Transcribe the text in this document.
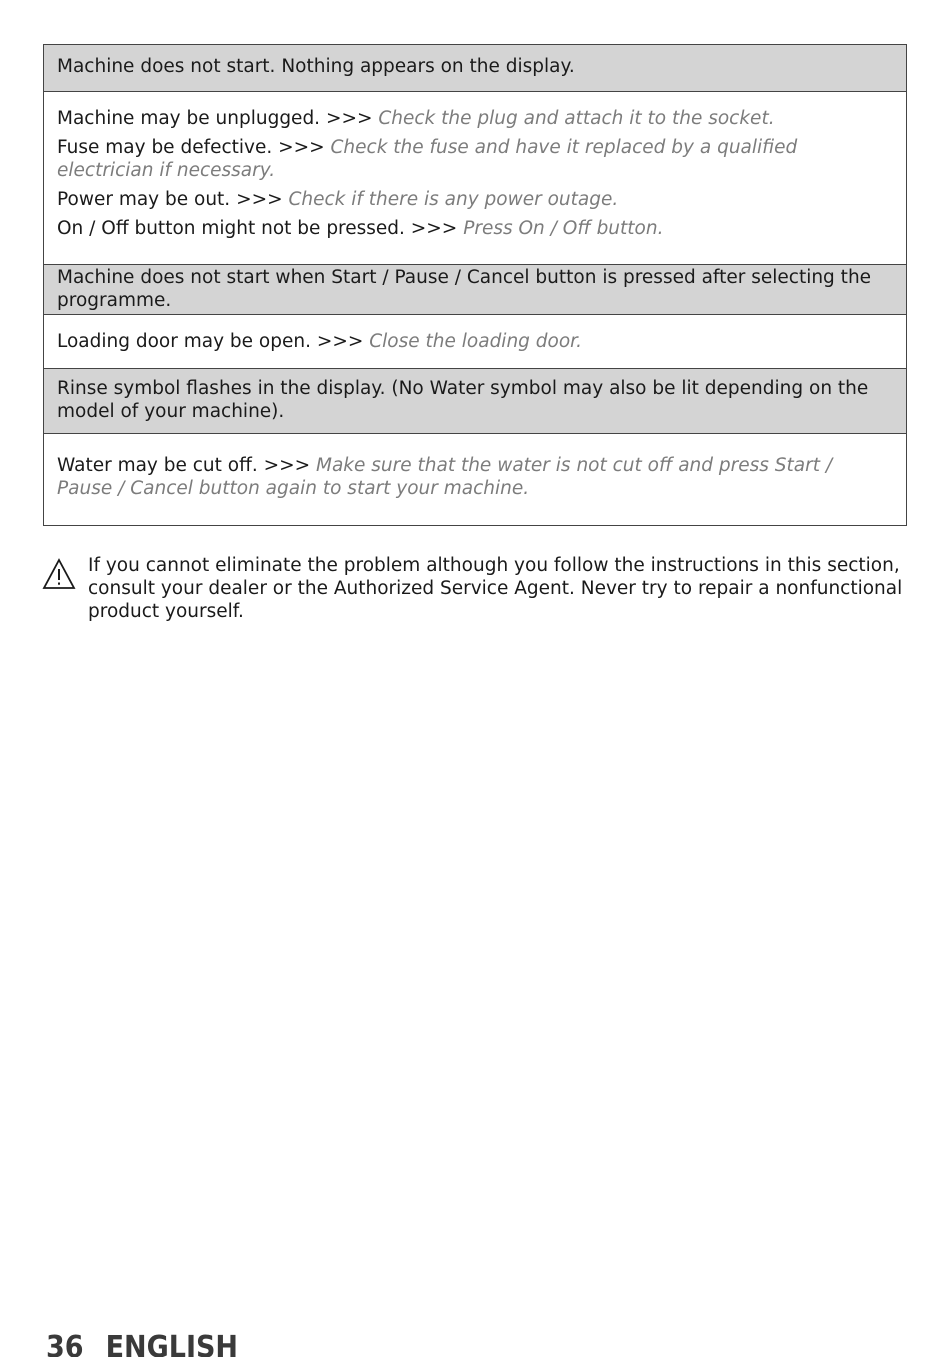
Machine does not start. Nothing appears on the display.
Machine may be unplugged. >>> Check the plug and attach it to the socket.
Fuse may be defective. >>> Check the fuse and have it replaced by a qualified electrician if necessary.
Power may be out. >>> Check if there is any power outage.
On / Off button might not be pressed. >>> Press On / Off button.
Machine does not start when Start / Pause / Cancel button is pressed after selecting the programme.
Loading door may be open. >>> Close the loading door.
Rinse symbol flashes in the display. (No Water symbol may also be lit depending on the model of your machine).
Water may be cut off. >>> Make sure that the water is not cut off and press Start / Pause / Cancel button again to start your machine.
If you cannot eliminate the problem although you follow the instructions in this section, consult your dealer or the Authorized Service Agent. Never try to repair a nonfunctional product yourself.
36 ENGLISH
